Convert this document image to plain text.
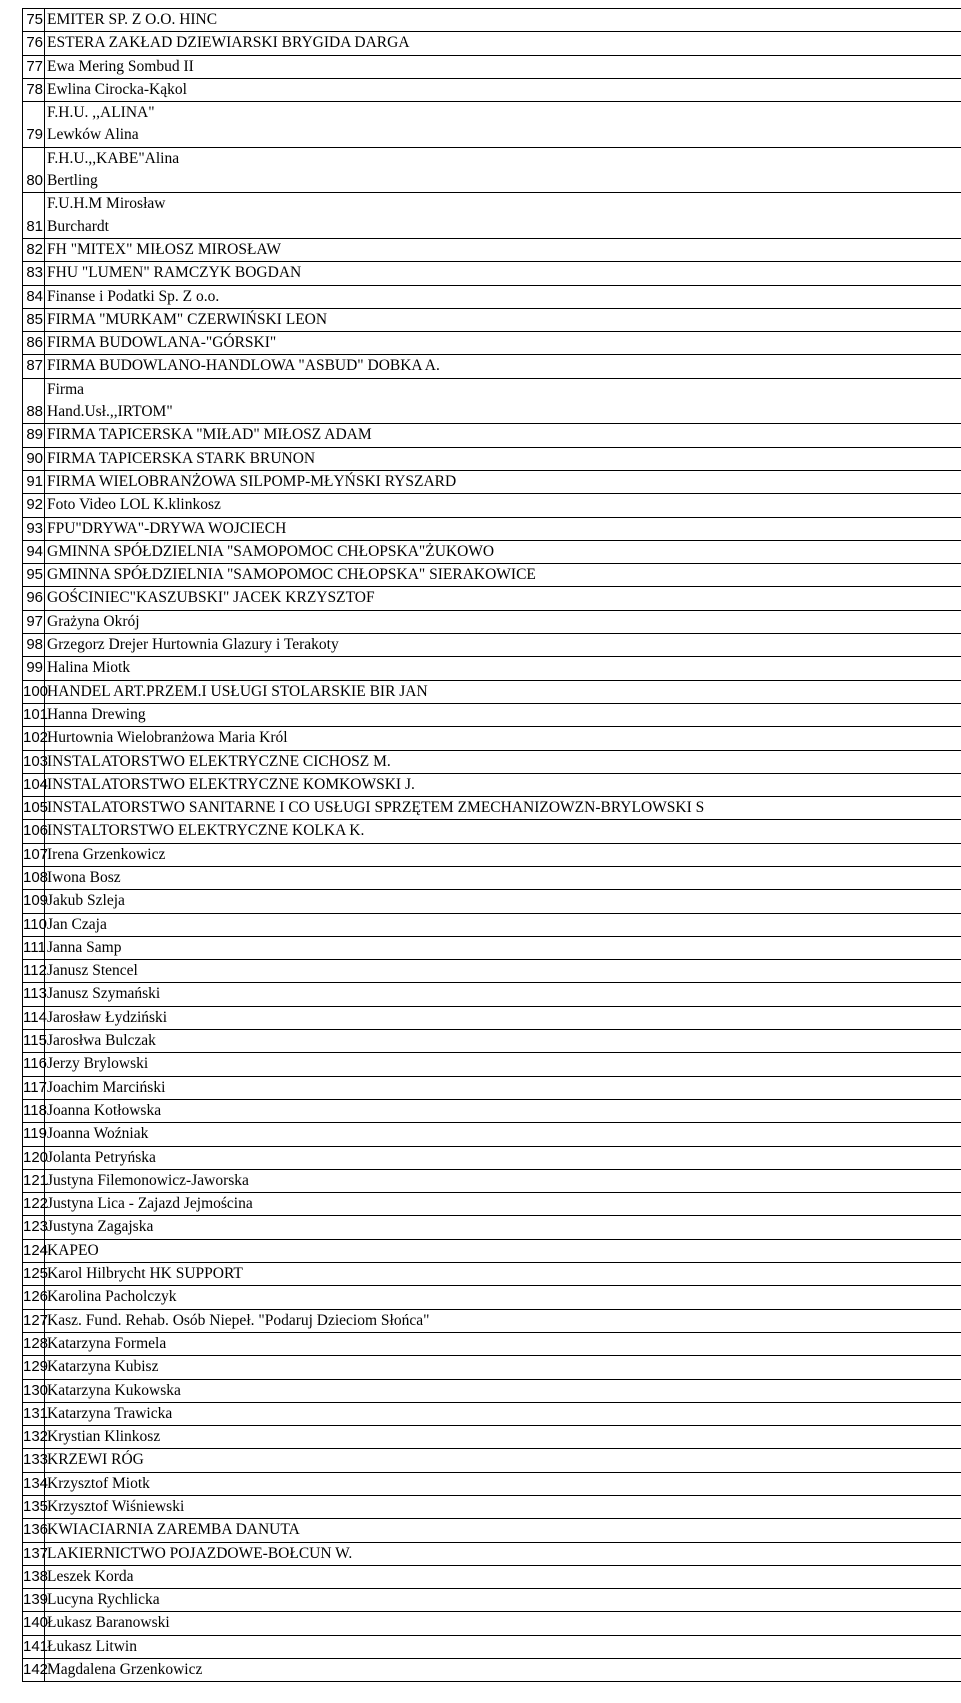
75	EMITER SP. Z O.O. HINC

76	ESTERA ZAKŁAD DZIEWIARSKI BRYGIDA DARGA

77	Ewa Mering Sombud II

78	Ewlina Cirocka-Kąkol

79	F.H.U. ,,ALINA"
Lewków Alina

80	F.H.U.,,KABE"Alina
Bertling

81	F.U.H.M Mirosław
Burchardt

82	FH "MITEX" MIŁOSZ MIROSŁAW

83	FHU "LUMEN" RAMCZYK BOGDAN

84	Finanse i Podatki Sp. Z o.o.

85	FIRMA "MURKAM" CZERWIŃSKI LEON

86	FIRMA BUDOWLANA-"GÓRSKI"

87	FIRMA BUDOWLANO-HANDLOWA "ASBUD" DOBKA A.

88	Firma
Hand.Usł.,,IRTOM"

89	FIRMA TAPICERSKA "MIŁAD" MIŁOSZ ADAM

90	FIRMA TAPICERSKA STARK BRUNON

91	FIRMA WIELOBRANŻOWA SILPOMP-MŁYŃSKI RYSZARD

92	Foto Video LOL K.klinkosz

93	FPU"DRYWA"-DRYWA WOJCIECH

94	GMINNA SPÓŁDZIELNIA "SAMOPOMOC CHŁOPSKA"ŻUKOWO

95	GMINNA SPÓŁDZIELNIA "SAMOPOMOC CHŁOPSKA" SIERAKOWICE

96	GOŚCINIEC"KASZUBSKI" JACEK KRZYSZTOF

97	Grażyna Okrój

98	Grzegorz Drejer Hurtownia Glazury i Terakoty

99	Halina Miotk

100	HANDEL ART.PRZEM.I USŁUGI STOLARSKIE BIR JAN

101	Hanna Drewing

102	Hurtownia Wielobranżowa Maria Król

103	INSTALATORSTWO ELEKTRYCZNE CICHOSZ M.

104	INSTALATORSTWO ELEKTRYCZNE KOMKOWSKI J.

105	INSTALATORSTWO SANITARNE I CO USŁUGI SPRZĘTEM ZMECHANIZOWZN-BRYLOWSKI S

106	INSTALTORSTWO ELEKTRYCZNE KOLKA K.

107	Irena Grzenkowicz

108	Iwona Bosz

109	Jakub Szleja

110	Jan Czaja

111	Janna Samp

112	Janusz Stencel

113	Janusz Szymański

114	Jarosław Łydziński

115	Jarosłwa Bulczak

116	Jerzy Brylowski

117	Joachim Marciński

118	Joanna Kotłowska

119	Joanna Woźniak

120	Jolanta Petryńska

121	Justyna Filemonowicz-Jaworska

122	Justyna Lica - Zajazd Jejmościna

123	Justyna Zagajska

124	KAPEO

125	Karol Hilbrycht HK SUPPORT

126	Karolina Pacholczyk

127	Kasz. Fund. Rehab. Osób Niepeł. "Podaruj Dzieciom Słońca"

128	Katarzyna Formela

129	Katarzyna Kubisz

130	Katarzyna Kukowska

131	Katarzyna Trawicka

132	Krystian Klinkosz

133	KRZEWI RÓG

134	Krzysztof Miotk

135	Krzysztof Wiśniewski

136	KWIACIARNIA ZAREMBA DANUTA

137	LAKIERNICTWO POJAZDOWE-BOŁCUN W.

138	Leszek Korda

139	Lucyna Rychlicka

140	Łukasz Baranowski

141	Łukasz Litwin

142	Magdalena Grzenkowicz
